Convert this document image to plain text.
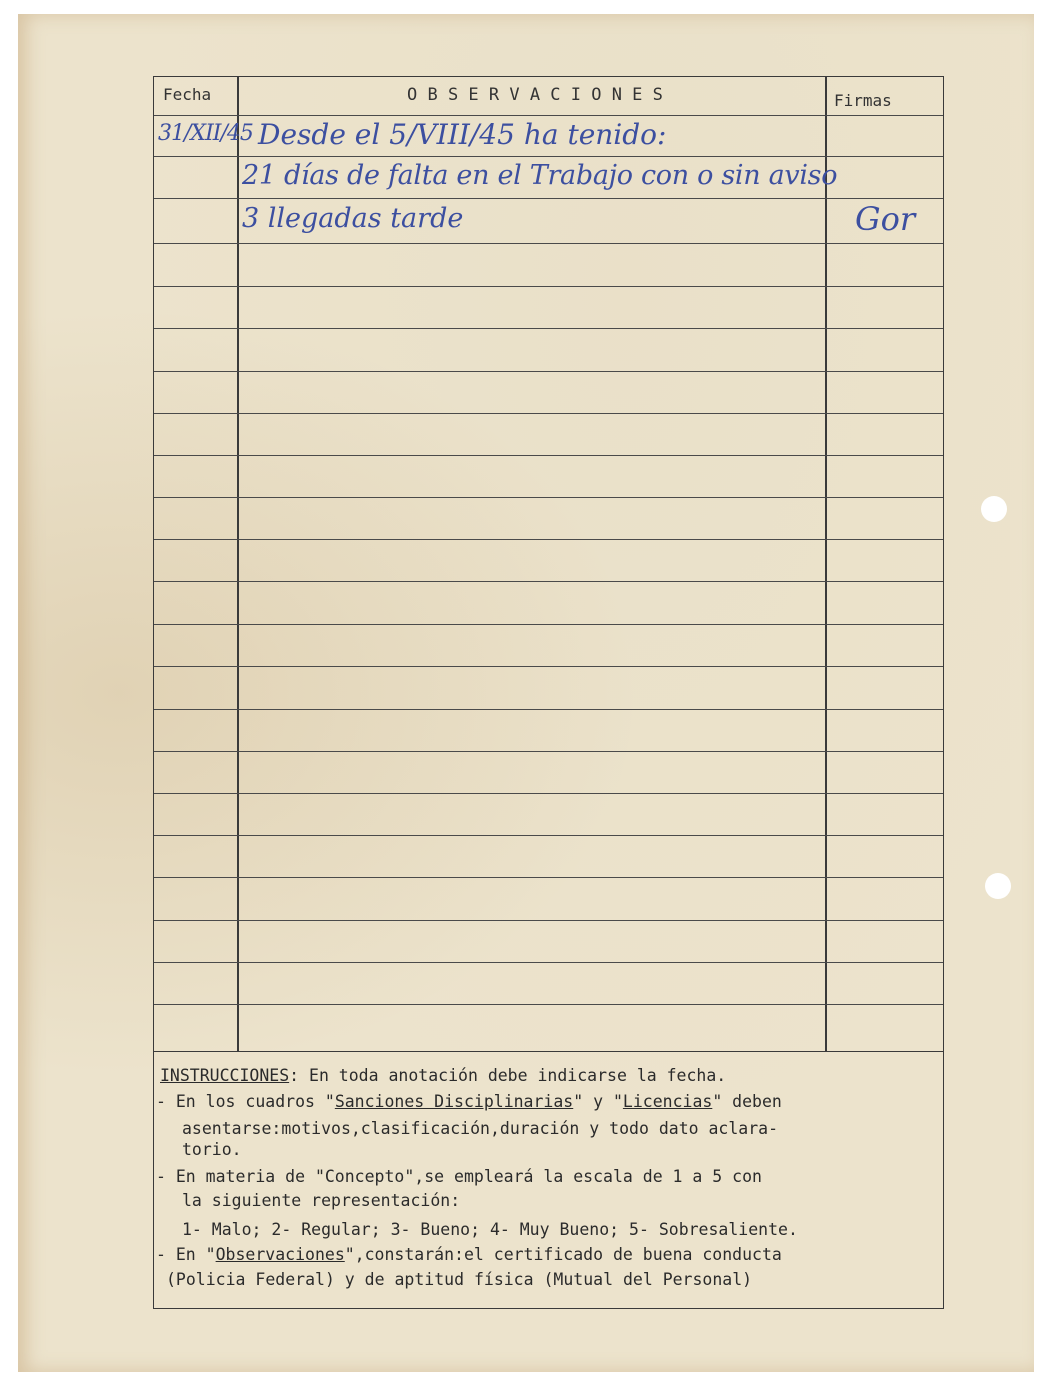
Fecha	O B S E R V A C I O N E S	Firmas
31/XII/45 Desde el 5/VIII/45 ha tenido:
21 días de falta en el Trabajo con o sin aviso
3 llegadas tarde	Gor
INSTRUCCIONES: En toda anotación debe indicarse la fecha.
- En los cuadros "Sanciones Disciplinarias" y "Licencias" deben
asentarse:motivos,clasificación,duración y todo dato aclara-
torio.
- En materia de "Concepto",se empleará la escala de 1 a 5 con
la siguiente representación:
1- Malo; 2- Regular; 3- Bueno; 4- Muy Bueno; 5- Sobresaliente.
- En "Observaciones",constarán:el certificado de buena conducta
(Policia Federal) y de aptitud física (Mutual del Personal)
